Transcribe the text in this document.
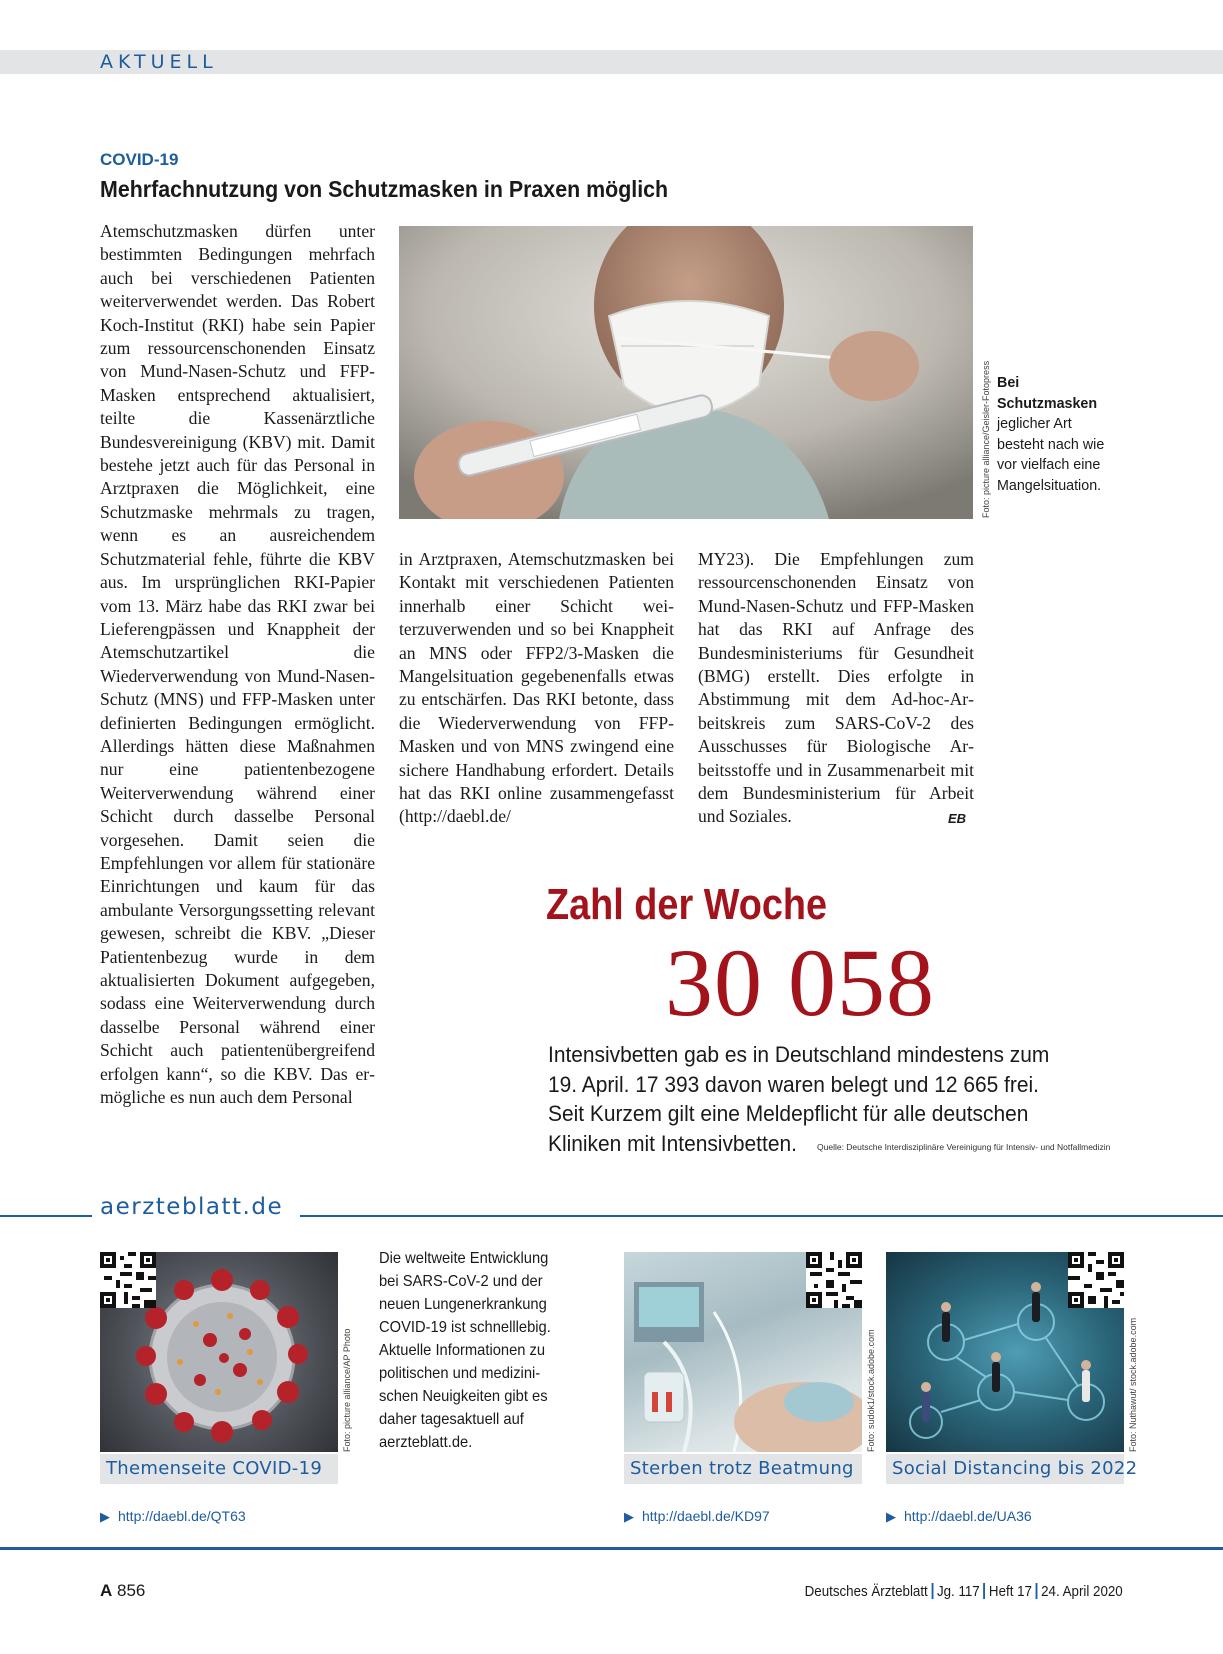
AKTUELL
COVID-19
Mehrfachnutzung von Schutzmasken in Praxen möglich
Atemschutzmasken dürfen unter bestimmten Bedingungen mehrfach auch bei verschiedenen Patienten weiterverwendet werden. Das Robert Koch-Institut (RKI) habe sein Papier zum ressourcenschonenden Einsatz von Mund-Nasen-Schutz und FFP-Masken entsprechend aktualisiert, teilte die Kassenärztliche Bundesvereinigung (KBV) mit. Damit bestehe jetzt auch für das Personal in Arztpraxen die Möglichkeit, eine Schutzmaske mehrmals zu tragen, wenn es an ausreichendem Schutzmaterial fehle, führte die KBV aus. Im ursprünglichen RKI-Papier vom 13. März habe das RKI zwar bei Lieferengpässen und Knappheit der Atemschutzartikel die Wiederverwendung von Mund-Nasen-Schutz (MNS) und FFP-Masken unter definierten Bedingungen ermöglicht. Allerdings hätten diese Maßnahmen nur eine patientenbezogene Weiterverwendung während einer Schicht durch dasselbe Personal vorgesehen. Damit seien die Empfehlungen vor allem für stationäre Einrichtungen und kaum für das ambulante Versorgungssetting relevant gewesen, schreibt die KBV. „Dieser Patientenbezug wurde in dem aktualisierten Dokument aufgegeben, sodass eine Weiterverwendung durch dasselbe Personal während einer Schicht auch patientenübergreifend erfolgen kann“, so die KBV. Das ermögliche es nun auch dem Personal
Foto: picture alliance/Geisler-Fotopress Bei Schutzmasken
jeglicher Art besteht nach wie vor vielfach eine Mangelsituation.
in Arztpraxen, Atemschutzmasken bei Kontakt mit verschiedenen Patienten innerhalb einer Schicht weiterzuverwenden und so bei Knappheit an MNS oder FFP2/3-Masken die Mangelsituation gegebenenfalls etwas zu entschärfen. Das RKI betonte, dass die Wiederverwendung von FFP-Masken und von MNS zwingend eine sichere Handhabung erfordert. Details hat das RKI online zusammengefasst (http://daebl.de/
MY23). Die Empfehlungen zum ressourcenschonenden Einsatz von Mund-Nasen-Schutz und FFP-Masken hat das RKI auf Anfrage des Bundesministeriums für Gesundheit (BMG) erstellt. Dies erfolgte in Abstimmung mit dem Ad-hoc-Arbeitskreis zum SARS-CoV-2 des Ausschusses für Biologische Arbeitsstoffe und in Zusammenarbeit mit dem Bundesministerium für Arbeit und Soziales.	EB
Zahl der Woche
30 058
Intensivbetten gab es in Deutschland mindestens zum 19. April. 17 393 davon waren belegt und 12 665 frei. Seit Kurzem gilt eine Meldepflicht für alle deutschen Kliniken mit Intensivbetten.	Quelle: Deutsche Interdisziplinäre Vereinigung für Intensiv- und Notfallmedizin
aerzteblatt.de
Foto: picture alliance/AP Photo
Themenseite COVID-19
▶ http://daebl.de/QT63
Die weltweite Entwicklung bei SARS-CoV-2 und der neuen Lungenerkrankung COVID-19 ist schnelllebig. Aktuelle Informationen zu politischen und medizinischen Neuigkeiten gibt es daher tagesaktuell auf aerzteblatt.de.	Foto: sudok1/stock.adobe.com
Sterben trotz Beatmung
▶ http://daebl.de/KD97
Foto: Nuthawut/ stock.adobe.com
Social Distancing bis 2022
▶ http://daebl.de/UA36
A 856	Deutsches Ärzteblatt Jg. 117 Heft 17 24. April 2020
